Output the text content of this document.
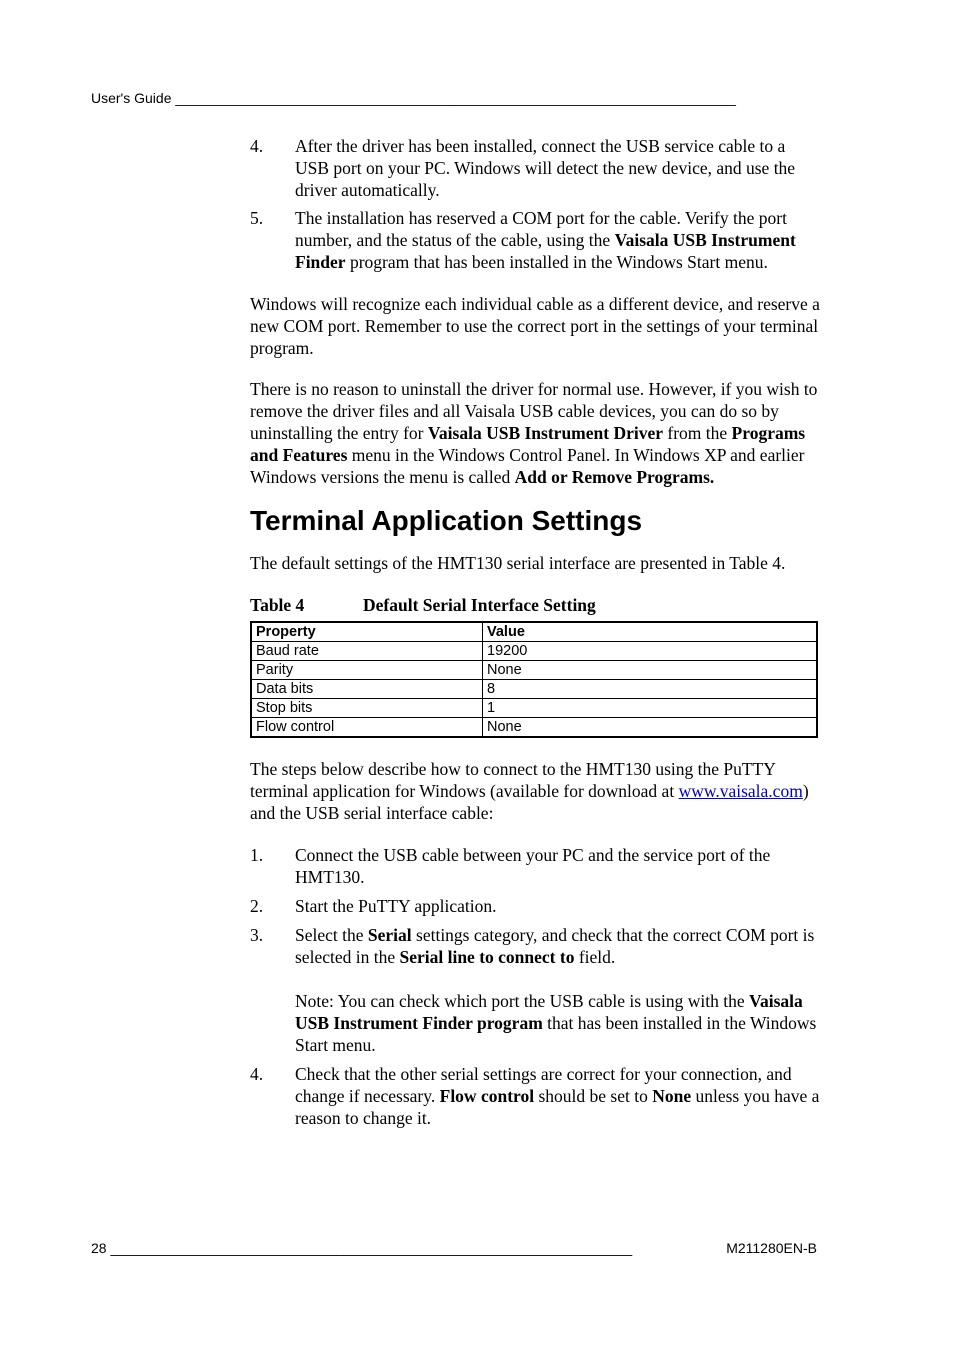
User's Guide ________________________________________________________________________
4. After the driver has been installed, connect the USB service cable to a USB port on your PC. Windows will detect the new device, and use the driver automatically.
5. The installation has reserved a COM port for the cable. Verify the port number, and the status of the cable, using the Vaisala USB Instrument Finder program that has been installed in the Windows Start menu.

Windows will recognize each individual cable as a different device, and reserve a new COM port. Remember to use the correct port in the settings of your terminal program.

There is no reason to uninstall the driver for normal use. However, if you wish to remove the driver files and all Vaisala USB cable devices, you can do so by uninstalling the entry for Vaisala USB Instrument Driver from the Programs and Features menu in the Windows Control Panel. In Windows XP and earlier Windows versions the menu is called Add or Remove Programs.

Terminal Application Settings

The default settings of the HMT130 serial interface are presented in Table 4.

Table 4	Default Serial Interface Setting
Property	Value
Baud rate	19200
Parity	None
Data bits	8
Stop bits	1
Flow control	None

The steps below describe how to connect to the HMT130 using the PuTTY terminal application for Windows (available for download at www.vaisala.com) and the USB serial interface cable:

1. Connect the USB cable between your PC and the service port of the HMT130.
2. Start the PuTTY application.
3. Select the Serial settings category, and check that the correct COM port is selected in the Serial line to connect to field.
Note: You can check which port the USB cable is using with the Vaisala USB Instrument Finder program that has been installed in the Windows Start menu.
4. Check that the other serial settings are correct for your connection, and change if necessary. Flow control should be set to None unless you have a reason to change it.
28 ___________________________________________________________________	M211280EN-B
